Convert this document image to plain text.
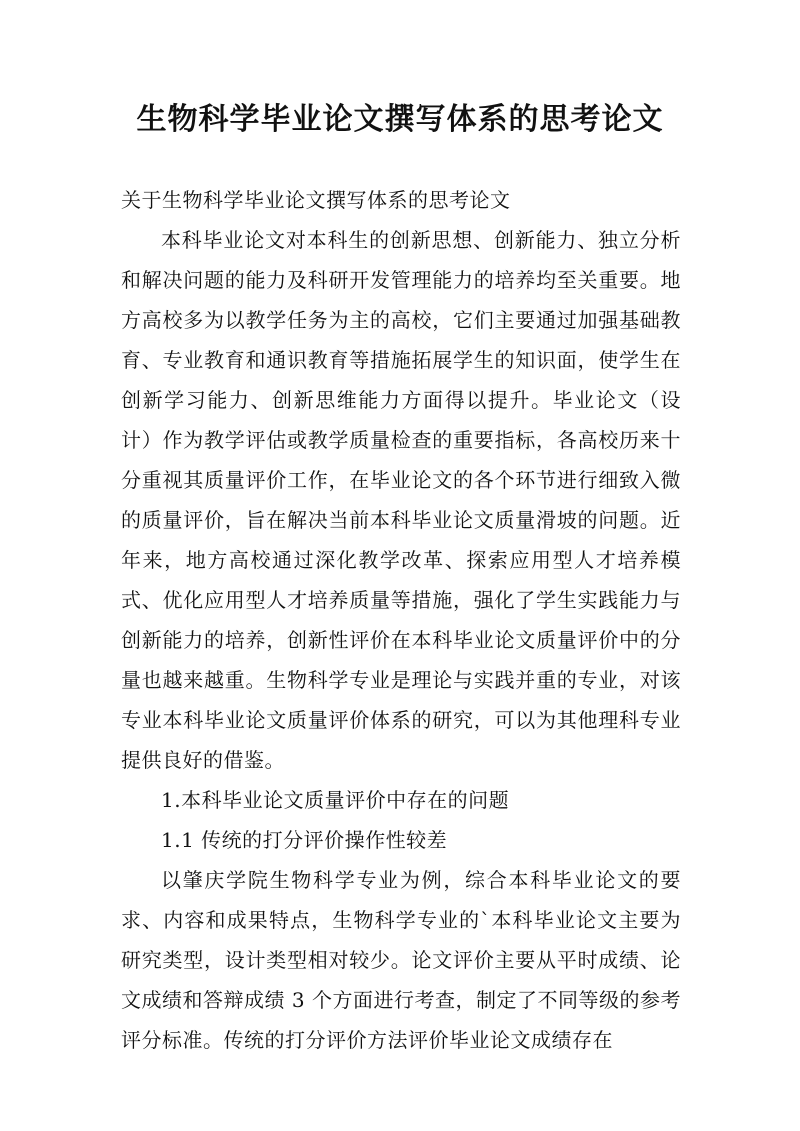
生物科学毕业论文撰写体系的思考论文

关于生物科学毕业论文撰写体系的思考论文

本科毕业论文对本科生的创新思想、创新能力、独立分析和解决问题的能力及科研开发管理能力的培养均至关重要。地方高校多为以教学任务为主的高校，它们主要通过加强基础教育、专业教育和通识教育等措施拓展学生的知识面，使学生在创新学习能力、创新思维能力方面得以提升。毕业论文（设计）作为教学评估或教学质量检查的重要指标，各高校历来十分重视其质量评价工作，在毕业论文的各个环节进行细致入微的质量评价，旨在解决当前本科毕业论文质量滑坡的问题。近年来，地方高校通过深化教学改革、探索应用型人才培养模式、优化应用型人才培养质量等措施，强化了学生实践能力与创新能力的培养，创新性评价在本科毕业论文质量评价中的分量也越来越重。生物科学专业是理论与实践并重的专业，对该专业本科毕业论文质量评价体系的研究，可以为其他理科专业提供良好的借鉴。

1.本科毕业论文质量评价中存在的问题

1.1 传统的打分评价操作性较差

以肇庆学院生物科学专业为例，综合本科毕业论文的要求、内容和成果特点，生物科学专业的`本科毕业论文主要为研究类型，设计类型相对较少。论文评价主要从平时成绩、论文成绩和答辩成绩 3 个方面进行考查，制定了不同等级的参考评分标准。传统的打分评价方法评价毕业论文成绩存在
